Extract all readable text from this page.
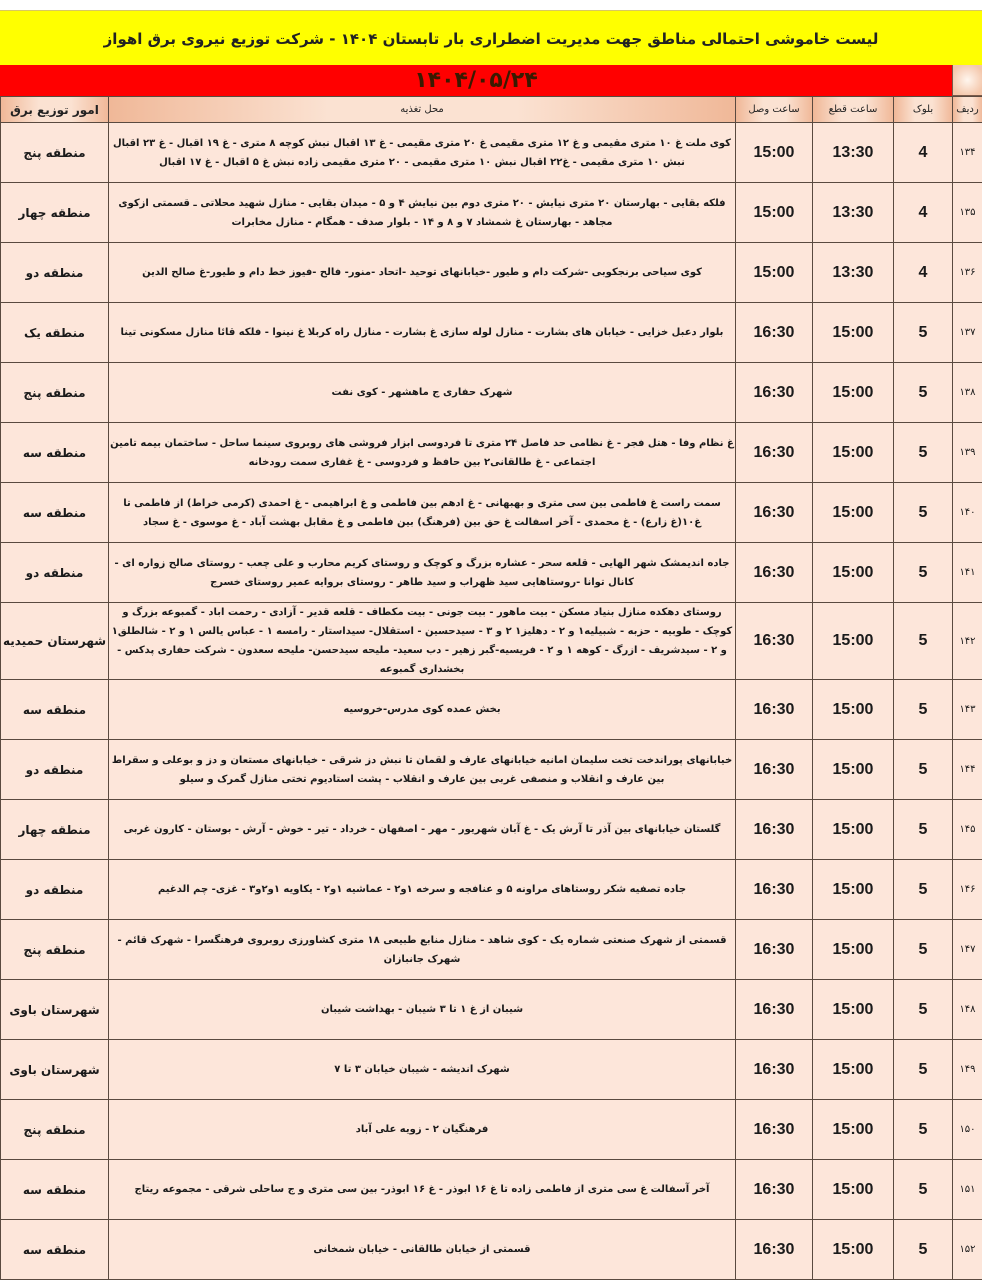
لیست خاموشی احتمالی مناطق جهت مدیریت اضطراری بار تابستان ۱۴۰۴ - شرکت توزیع نیروی برق اهواز
۱۴۰۴/۰۵/۲۴
امور توزیع برق	محل تغذیه	ساعت وصل	ساعت قطع	بلوک	ردیف
منطقه پنج	کوی ملت غ ۱۰ متری مقیمی و غ ۱۲ متری مقیمی غ ۲۰ متری مقیمی - غ ۱۳ اقبال نبش کوچه ۸ متری - غ ۱۹ اقبال - غ ۲۳ اقبال نبش ۱۰ متری مقیمی - غ۲۲ اقبال نبش ۱۰ متری مقیمی - ۲۰ متری مقیمی زاده نبش غ ۵ اقبال - غ ۱۷ اقبال	15:00	13:30	4	۱۳۴
منطقه چهار	فلکه بقایی - بهارستان ۲۰ متری نیایش - ۲۰ متری دوم بین نیایش ۴ و ۵ - میدان بقایی - منازل شهید محلاتی ـ قسمتی ازکوی مجاهد - بهارستان غ شمشاد ۷ و ۸ و ۱۴ - بلوار صدف - همگام - منازل مخابرات	15:00	13:30	4	۱۳۵
منطقه دو	کوی سیاحی برنجکوبی -شرکت دام و طیور -خیابانهای توحید -اتحاد -منور- فالح -فیوز خط دام و طیور-غ صالح الدین	15:00	13:30	4	۱۳۶
منطقه یک	بلوار دعبل خزایی - خیابان های بشارت - منازل لوله سازی غ بشارت - منازل راه کربلا غ نینوا - فلکه قائا منازل مسکونی تینا	16:30	15:00	5	۱۳۷
منطقه پنج	شهرک حفاری ج ماهشهر - کوی نفت	16:30	15:00	5	۱۳۸
منطقه سه	غ نظام وفا - هتل فجر - غ نظامی حد فاصل ۲۴ متری تا فردوسی ابزار فروشی های روبروی سینما ساحل - ساختمان بیمه تامین اجتماعی - غ طالقانی۲ بین حافظ و فردوسی - غ غفاری سمت رودخانه	16:30	15:00	5	۱۳۹
منطقه سه	سمت راست غ فاطمی بین سی متری و بهبهانی - غ ادهم بین فاطمی و غ ابراهیمی - غ احمدی (کرمی خراط) از فاطمی تا غ۱۰(غ زارع) - غ محمدی - آخر اسفالت غ حق بین (فرهنگ) بین فاطمی و غ مقابل بهشت آباد - غ موسوی - غ سجاد	16:30	15:00	5	۱۴۰
منطقه دو	جاده اندیمشک شهر الهایی - قلعه سحر - عشاره بزرگ و کوچک و روستای کریم محارب و علی چعب - روستای صالح زواره ای - کانال توانا -روستاهایی سید ظهراب و سید طاهر - روستای بروایه عمیر روستای خسرج	16:30	15:00	5	۱۴۱
شهرستان حمیدیه	روستای دهکده منازل بنیاد مسکن - بیت ماهور - بیت جونی - بیت مکطاف - قلعه قدیر - آزادی - رحمت اباد - گمبوعه بزرگ و کوچک - طوبیه - حزبه - شبیلیه۱ و ۲ - دهلیز۱ ۲ و ۳ - سیدحسین - استقلال- سیداستار - رامسه ۱ - عباس یالس ۱ و ۲ - شالطلق۱ و ۲ - سیدشریف - ازرگ - کوهه ۱ و ۲ - فریسیه-گبر زهیر - دب سعید- ملیحه سیدحسن- ملیحه سعدون - شرکت حفاری پدکس - بخشداری گمبوعه	16:30	15:00	5	۱۴۲
منطقه سه	بخش عمده کوی مدرس-خروسیه	16:30	15:00	5	۱۴۳
منطقه دو	خیابانهای پوراندخت تخت سلیمان امانیه خیابانهای عارف و لقمان تا نبش دز شرقی - خیابانهای مستعان و دز و بوعلی و سقراط بین عارف و انقلاب و منصفی غربی بین عارف و انقلاب - پشت استادیوم تختی منازل گمرک و سیلو	16:30	15:00	5	۱۴۴
منطقه چهار	گلستان خیابانهای بین آذر تا آرش یک - غ آبان شهریور - مهر - اصفهان - خرداد - تیر - خوش - آرش - بوستان - کارون غربی	16:30	15:00	5	۱۴۵
منطقه دو	جاده تصفیه شکر روستاهای مراونه ۵ و عنافجه و سرخه ۱و۲ - عماشیه ۱و۲ - یکاویه ۱و۲و۳ - غزی- چم الدغیم	16:30	15:00	5	۱۴۶
منطقه پنج	قسمتی از شهرک صنعتی شماره یک - کوی شاهد - منازل منابع طبیعی ۱۸ متری کشاورزی روبروی فرهنگسرا - شهرک قائم - شهرک جانبازان	16:30	15:00	5	۱۴۷
شهرستان باوی	شیبان از غ ۱ تا ۳ شیبان - بهداشت شیبان	16:30	15:00	5	۱۴۸
شهرستان باوی	شهرک اندیشه - شیبان خیابان ۳ تا ۷	16:30	15:00	5	۱۴۹
منطقه پنج	فرهنگیان ۲ - زویه علی آباد	16:30	15:00	5	۱۵۰
منطقه سه	آخر آسفالت غ سی متری از فاطمی زاده تا غ ۱۶ ابوذر - غ ۱۶ ابوذر- بین سی متری و ج ساحلی شرقی - مجموعه ریتاج	16:30	15:00	5	۱۵۱
منطقه سه	قسمتی از خیابان طالقانی - خیابان شمخانی	16:30	15:00	5	۱۵۲
